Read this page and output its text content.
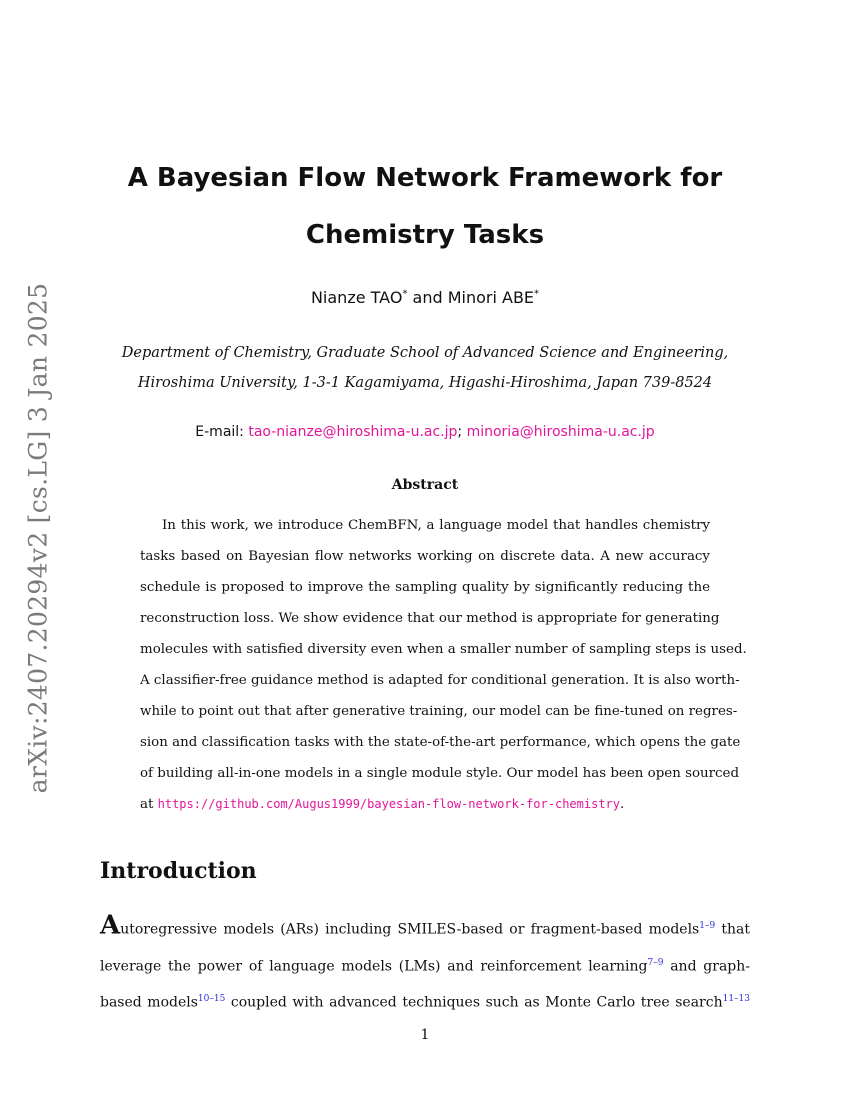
arXiv:2407.20294v2 [cs.LG] 3 Jan 2025
A Bayesian Flow Network Framework for
Chemistry Tasks
Nianze TAO* and Minori ABE*
Department of Chemistry, Graduate School of Advanced Science and Engineering,
Hiroshima University, 1-3-1 Kagamiyama, Higashi-Hiroshima, Japan 739-8524
E-mail: tao-nianze@hiroshima-u.ac.jp; minoria@hiroshima-u.ac.jp
Abstract
In this work, we introduce ChemBFN, a language model that handles chemistry
tasks based on Bayesian flow networks working on discrete data. A new accuracy
schedule is proposed to improve the sampling quality by significantly reducing the
reconstruction loss. We show evidence that our method is appropriate for generating
molecules with satisfied diversity even when a smaller number of sampling steps is used.
A classifier-free guidance method is adapted for conditional generation. It is also worth-
while to point out that after generative training, our model can be fine-tuned on regres-
sion and classification tasks with the state-of-the-art performance, which opens the gate
of building all-in-one models in a single module style. Our model has been open sourced
at https://github.com/Augus1999/bayesian-flow-network-for-chemistry.
Introduction
Autoregressive models (ARs) including SMILES-based or fragment-based models$^{1-9}$ that
leverage the power of language models (LMs) and reinforcement learning$^{7-9}$ and graph-
based models$^{10-15}$ coupled with advanced techniques such as Monte Carlo tree search$^{11-13}$
1
